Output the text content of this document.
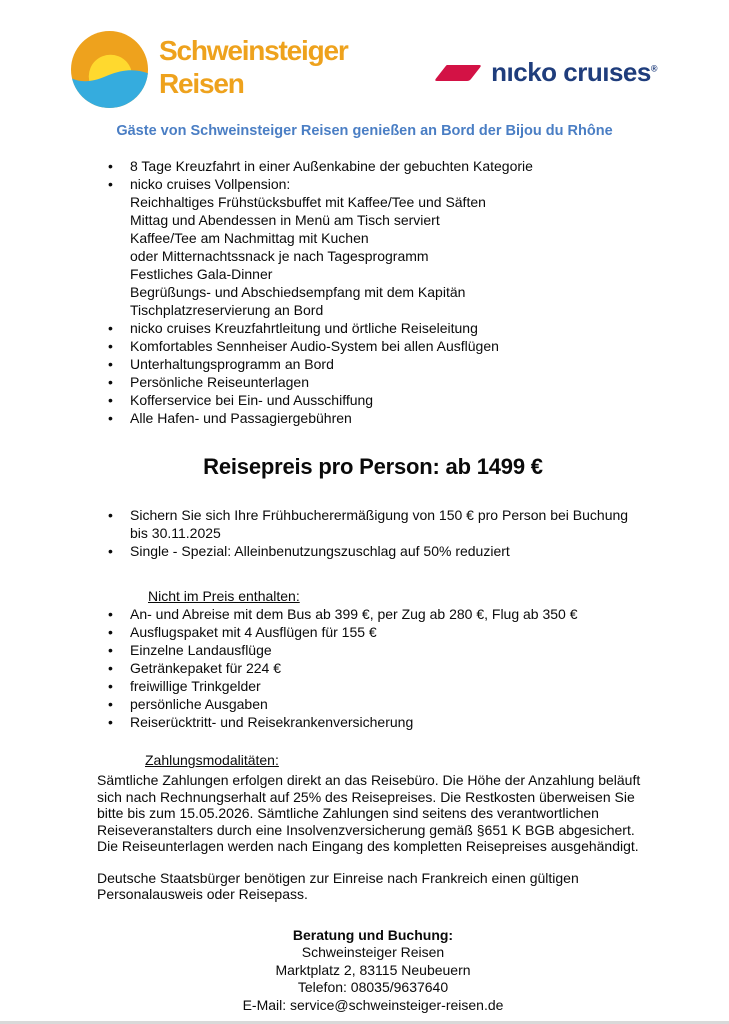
Schweinsteiger
Reisen	nıcko cruıses®
Gäste von Schweinsteiger Reisen genießen an Bord der Bijou du Rhône
•
8 Tage Kreuzfahrt in einer Außenkabine der gebuchten Kategorie
•
nicko cruises Vollpension:
Reichhaltiges Frühstücksbuffet mit Kaffee/Tee und Säften
Mittag und Abendessen in Menü am Tisch serviert
Kaffee/Tee am Nachmittag mit Kuchen
oder Mitternachtssnack je nach Tagesprogramm
Festliches Gala-Dinner
Begrüßungs- und Abschiedsempfang mit dem Kapitän
Tischplatzreservierung an Bord
•
nicko cruises Kreuzfahrtleitung und örtliche Reiseleitung
•
Komfortables Sennheiser Audio-System bei allen Ausflügen
•
Unterhaltungsprogramm an Bord
•
Persönliche Reiseunterlagen
•
Kofferservice bei Ein- und Ausschiffung
•
Alle Hafen- und Passagiergebühren
Reisepreis pro Person: ab 1499 €
•
Sichern Sie sich Ihre Frühbucherermäßigung von 150 € pro Person bei Buchung bis 30.11.2025
•
Single - Spezial: Alleinbenutzungszuschlag auf 50% reduziert
Nicht im Preis enthalten:
•
An- und Abreise mit dem Bus ab 399 €, per Zug ab 280 €, Flug ab 350 €
•
Ausflugspaket mit 4 Ausflügen für 155 €
•
Einzelne Landausflüge
•
Getränkepaket für 224 €
•
freiwillige Trinkgelder
•
persönliche Ausgaben
•
Reiserücktritt- und Reisekrankenversicherung
Zahlungsmodalitäten:
Sämtliche Zahlungen erfolgen direkt an das Reisebüro. Die Höhe der Anzahlung beläuft sich nach Rechnungserhalt auf 25% des Reisepreises. Die Restkosten überweisen Sie bitte bis zum 15.05.2026. Sämtliche Zahlungen sind seitens des verantwortlichen Reiseveranstalters durch eine Insolvenzversicherung gemäß §651 K BGB abgesichert. Die Reiseunterlagen werden nach Eingang des kompletten Reisepreises ausgehändigt.
Deutsche Staatsbürger benötigen zur Einreise nach Frankreich einen gültigen Personalausweis oder Reisepass.
Beratung und Buchung:
Schweinsteiger Reisen
Marktplatz 2, 83115 Neubeuern
Telefon: 08035/9637640
E-Mail: service@schweinsteiger-reisen.de
